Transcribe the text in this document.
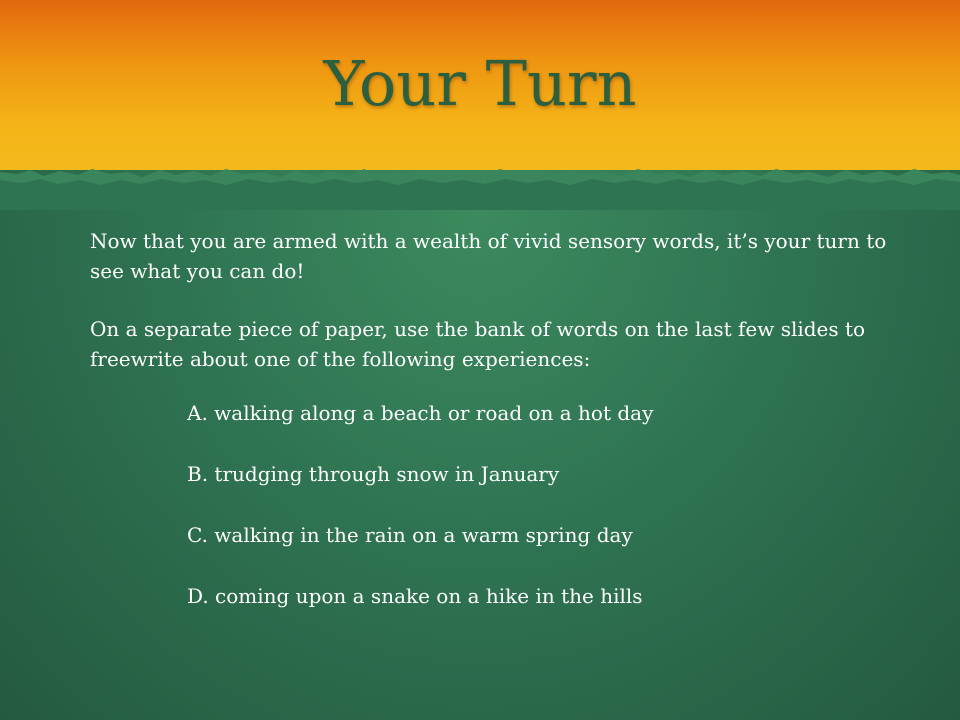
Your Turn

Now that you are armed with a wealth of vivid sensory words, it’s your turn to see what you can do!

On a separate piece of paper, use the bank of words on the last few slides to freewrite about one of the following experiences:

A. walking along a beach or road on a hot day
B. trudging through snow in January
C. walking in the rain on a warm spring day
D. coming upon a snake on a hike in the hills
